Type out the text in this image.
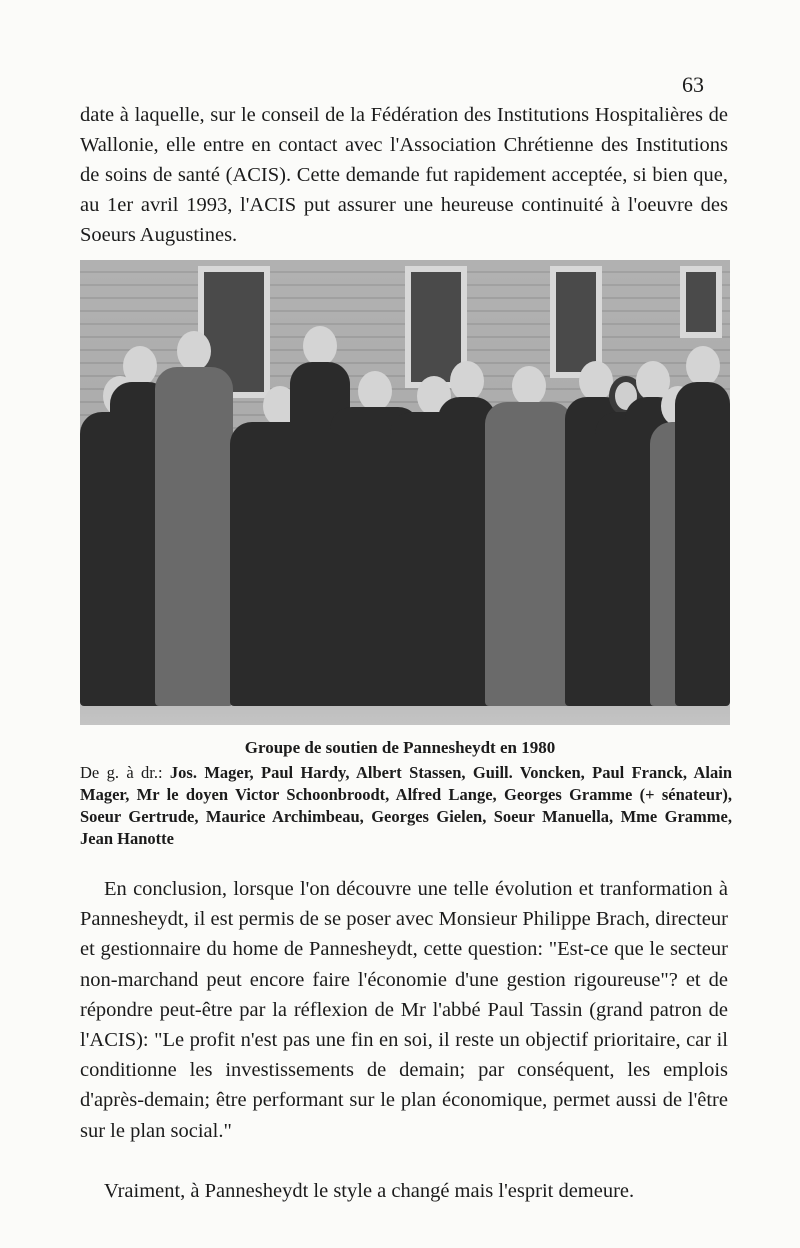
63

date à laquelle, sur le conseil de la Fédération des Institutions Hospitalières de Wallonie, elle entre en contact avec l'Association Chrétienne des Institutions de soins de santé (ACIS). Cette demande fut rapidement acceptée, si bien que, au 1er avril 1993, l'ACIS put assurer une heureuse continuité à l'oeuvre des Soeurs Augustines.

Groupe de soutien de Pannesheydt en 1980

De g. à dr.: Jos. Mager, Paul Hardy, Albert Stassen, Guill. Voncken, Paul Franck, Alain Mager, Mr le doyen Victor Schoonbroodt, Alfred Lange, Georges Gramme (+ sénateur), Soeur Gertrude, Maurice Archimbeau, Georges Gielen, Soeur Manuella, Mme Gramme, Jean Hanotte

En conclusion, lorsque l'on découvre une telle évolution et tranformation à Pannesheydt, il est permis de se poser avec Monsieur Philippe Brach, directeur et gestionnaire du home de Pannesheydt, cette question: "Est-ce que le secteur non-marchand peut encore faire l'économie d'une gestion rigoureuse"? et de répondre peut-être par la réflexion de Mr l'abbé Paul Tassin (grand patron de l'ACIS): "Le profit n'est pas une fin en soi, il reste un objectif prioritaire, car il conditionne les investissements de demain; par conséquent, les emplois d'après-demain; être performant sur le plan économique, permet aussi de l'être sur le plan social."

Vraiment, à Pannesheydt le style a changé mais l'esprit demeure.
